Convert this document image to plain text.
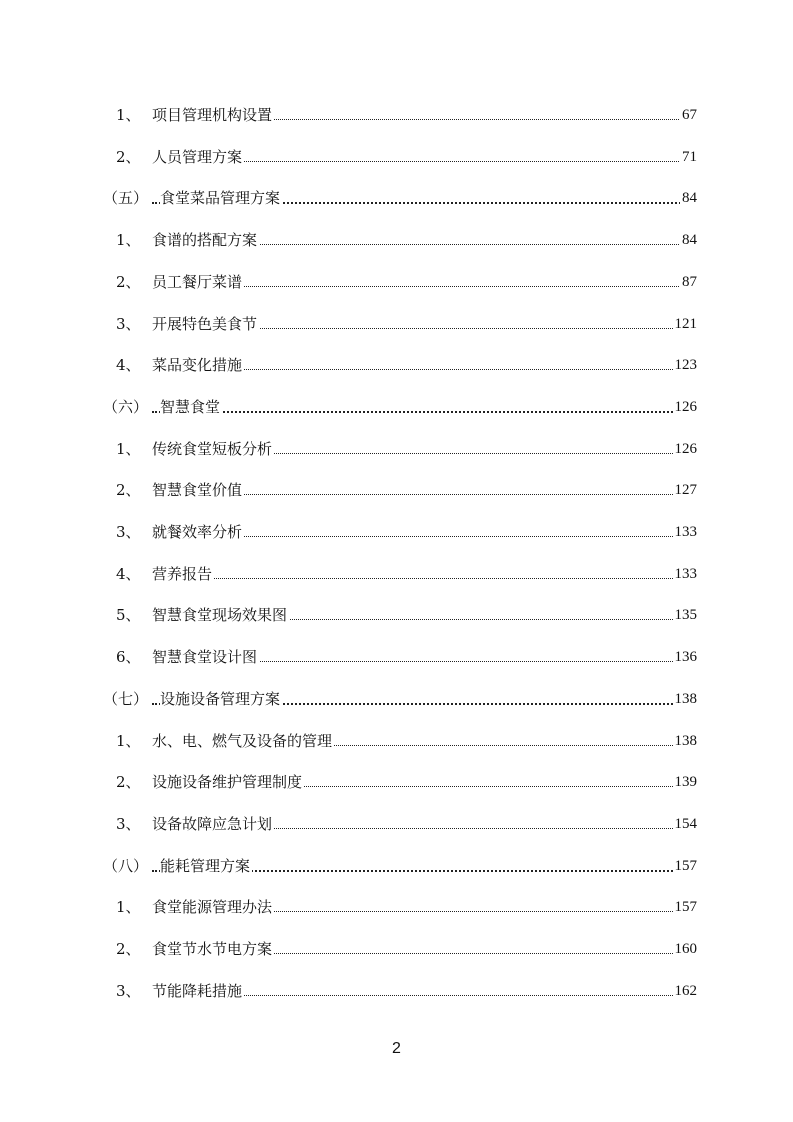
1、 项目管理机构设置	67
2、 人员管理方案	71
（五） 食堂菜品管理方案	84
1、 食谱的搭配方案	84
2、 员工餐厅菜谱	87
3、 开展特色美食节	121
4、 菜品变化措施	123
（六） 智慧食堂	126
1、 传统食堂短板分析	126
2、 智慧食堂价值	127
3、 就餐效率分析	133
4、 营养报告	133
5、 智慧食堂现场效果图	135
6、 智慧食堂设计图	136
（七） 设施设备管理方案	138
1、 水、电、燃气及设备的管理	138
2、 设施设备维护管理制度	139
3、 设备故障应急计划	154
（八） 能耗管理方案	157
1、 食堂能源管理办法	157
2、 食堂节水节电方案	160
3、 节能降耗措施	162
2
